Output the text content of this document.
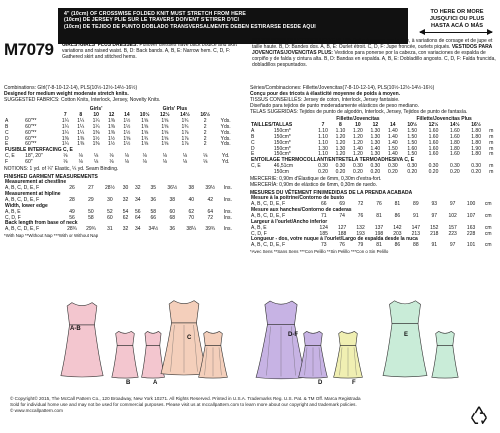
4" (10cm) OF CROSSWISE FOLDED KNIT MUST STRETCH FROM HERE
(10cm) DE JERSEY PLIÉ SUR LE TRAVERS DOIVENT S'ÉTIRER D'ICI
(10cm) DE TEJIDO DE PUNTO DOBLADO TRANSVERSALMENTE DEBEN ESTIRARSE DESDE AQUÍ
TO HERE OR MORE
JUSQU'ICI OU PLUS
HASTA ACÁ O MÁS
M7079 GIRLS'/GIRLS' PLUS DRESSES: Pullover dresses have back bodice and skirt variations and raised waist. B, D: Back bands. A, B, E: Narrow hem. C, D, F: Gathered skirt and stitched hems.
ROBES POUR FILLETTE/FILLETTE PLUS: Robe à passer par la tête, à variations de corsage et de jupe et taille haute. B, D: Bandes dos. A, B, E: Ourlet étroit. C, D, F: Jupe froncée, ourlets piqués. VESTIDOS PARA JOVENCITAS/JOVENCITAS PLUS: Vestidos para ponerse por la cabeza, con variaciones de espalda de corpiño y de falda y cintura alta. B, D: Bandas en espalda. A, B, E: Dobladillo angosto. C, D, F: Falda fruncida, dobladillos pespuntados.
Combinations: GIrl(7-8-10-12-14), PLS(10½-12½-14½-16½)
Designed for medium weight moderate stretch knits.
SUGGESTED FABRICS: Cotton Knits, Interlock, Jersey, Novelty Knits.
		Girls'					Girls' Plus				
		7	8	10	12	14	10½	12½	14½	16½	
A	60"**	1¼	1¼	1¼	1⅜	1½	1⅝	1⅝	1¾	2	Yds.
B	60"**	1¼	1¼	1¼	1⅜	1½	1⅝	1⅝	1¾	2	Yds.
C	60"**	1¼	1¼	1⅜	1⅜	1½	1⅝	1⅝	1⅞	2	Yds.
D	60"**	1⅜	1⅜	1½	1½	1⅝	1¾	1⅝	1⅞	2	Yds.
E	60"**	1¼	1⅜	1⅜	1½	1½	1⅝	1⅝	1⅞	2	Yds.
FUSIBLE INTERFACING C, E											
C, E	18", 20"	⅛	⅛	⅛	⅛	⅛	⅛	⅛	⅛	⅛	Yd.
F	60"	⅛	⅛	⅛	⅛	⅛	⅛	⅛	⅛	⅛	Yd.
NOTIONS: 1 yd. of ¼" Elastic, ¼ yd. Seam Binding.
FINISHED GARMENT MEASUREMENTS
Measurement at chestline										
A, B, C, D, E, F	26	27	28½	30	32	35	36½	38	39½	Ins.
Measurement at hipline										
A, B, C, D, E, F	28	29	30	32	34	36	38	40	42	Ins.
Width, lower edge										
A, B, E	49	50	52	54	56	58	60	62	64	Ins.
C, D, F	56	58	60	62	64	66	68	70	72	Ins.
Back length from base of neck										
A, B, C, D, E, F	28¾	29¾	31	32	34	34½	36	38¼	39¾	Ins.
*With Nap **Without Nap ***With or Without Nap
Séries/Combinaciones: Fillette/Jovencitas(7-8-10-12-14), PLS(10½-12½-14½-16½)
Conçu pour des tricots à élasticité moyenne de poids à moyen.
TISSUS CONSEILLÉS: Jersey de coton, Interlock, Jersey fantaisie.
Diseñado para tejidos de punto moderadamente elásticos de peso mediano.
TELAS SUGERIDAS: Tejidos de punto de algodón, Interlock, Jersey, Tejidos de punto de fantasía.
		Fillette/Jovencitas					Fillette/Jovencitas Plus				
TAILLES/TALLAS		7	8	10	12	14	10½	12½	14½	16½	
A	150cm*	1.10	1.10	1.20	1.30	1.40	1.50	1.60	1.60	1.80	m
B	150cm*	1.10	1.20	1.20	1.30	1.40	1.50	1.60	1.60	1.80	m
C	150cm*	1.10	1.20	1.20	1.30	1.40	1.50	1.60	1.80	1.80	m
D	150cm*	1.30	1.30	1.40	1.40	1.50	1.60	1.60	1.80	1.90	m
E	150cm*	1.10	1.20	1.20	1.30	1.40	1.50	1.60	1.60	1.80	m
ENTOILAGE THERMOCOLLANT/ENTRETELA TERMOADHESIVA C, E											
C, E	46,51cm	0.30	0.30	0.30	0.30	0.30	0.30	0.30	0.30	0.30	m
	150cm	0.20	0.20	0.20	0.20	0.20	0.20	0.20	0.20	0.20	m
MERCERIE: 0,90m d'Élastique de 6mm, 0,30m d'extra-fort.
MERCERÍA: 0,90m de elástico de 6mm, 0,30m de ruedo.
MESURES DU VÊTEMENT FINI/MEDIDAS DE LA PRENDA ACABADA
Mesure à la poitrine/Contorno de busto										
A, B, C, D, E, F	66	69	72	76	81	89	93	97	100	cm
Mesure aux hanches/Contorno de caderas										
A, B, C, D, E, F	71	74	76	81	86	91	97	102	107	cm
Largeur à l'ourlet/Ancho inferior										
A, B, E	124	127	132	137	142	147	152	157	163	cm
C, D, F	185	188	193	198	203	213	218	223	228	cm
Longueur - dos, votre nuque à l'ourlet/Largo de espalda desde la nuca										
A, B, C, D, E, F	73	76	79	81	86	88	91	97	101	cm
*Avec Sens **Sans Sens ***Con Pelillo **Sin Pelillo ***Con o Sin Pelillo
A-B
B	A
C	D-F
D	F
E
© Copyright© 2015, The McCall Pattern Co., 120 Broadway, New York 10271. All Rights Reserved. Printed in U.S.A. Trademarks Reg. U.S. Pat. & TM Off. Marca Registrada
Sold for individual home use and may not be used for commercial purposes. Please visit us at mccallpattern.com to learn more about our copyright and trademark policies.
© www.mccallpattern.com
